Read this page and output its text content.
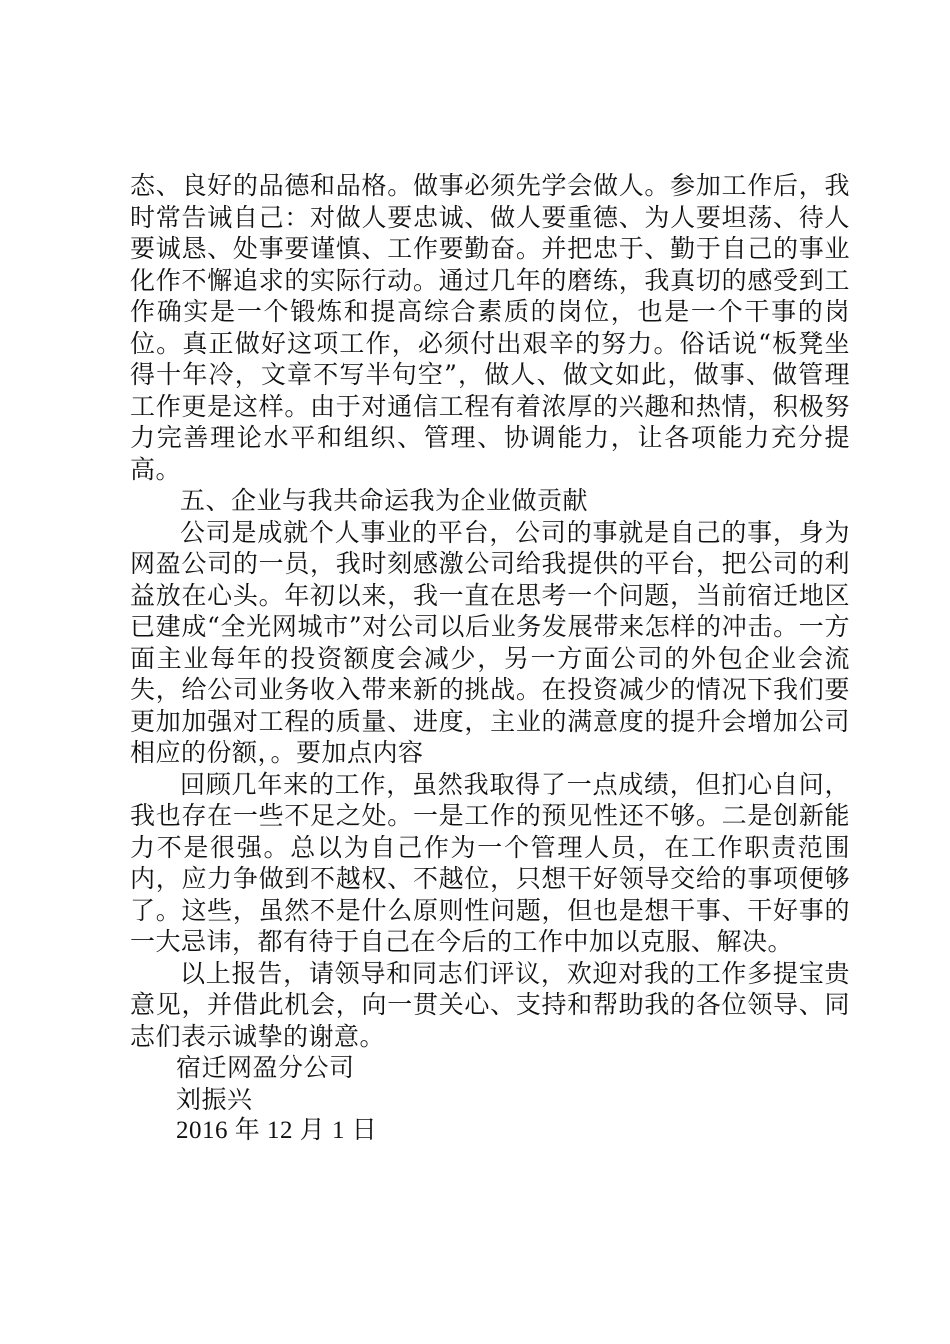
态、良好的品德和品格。做事必须先学会做人。参加工作后，我时常告诫自己：对做人要忠诚、做人要重德、为人要坦荡、待人要诚恳、处事要谨慎、工作要勤奋。并把忠于、勤于自己的事业化作不懈追求的实际行动。通过几年的磨练，我真切的感受到工作确实是一个锻炼和提高综合素质的岗位，也是一个干事的岗位。真正做好这项工作，必须付出艰辛的努力。俗话说“板凳坐得十年冷，文章不写半句空”，做人、做文如此，做事、做管理工作更是这样。由于对通信工程有着浓厚的兴趣和热情，积极努力完善理论水平和组织、管理、协调能力，让各项能力充分提高。

五、企业与我共命运我为企业做贡献

公司是成就个人事业的平台，公司的事就是自己的事，身为网盈公司的一员，我时刻感激公司给我提供的平台，把公司的利益放在心头。年初以来，我一直在思考一个问题，当前宿迁地区已建成“全光网城市”对公司以后业务发展带来怎样的冲击。一方面主业每年的投资额度会减少，另一方面公司的外包企业会流失，给公司业务收入带来新的挑战。在投资减少的情况下我们要更加加强对工程的质量、进度，主业的满意度的提升会增加公司相应的份额，。要加点内容

回顾几年来的工作，虽然我取得了一点成绩，但扪心自问，我也存在一些不足之处。一是工作的预见性还不够。二是创新能力不是很强。总以为自己作为一个管理人员，在工作职责范围内，应力争做到不越权、不越位，只想干好领导交给的事项便够了。这些，虽然不是什么原则性问题，但也是想干事、干好事的一大忌讳，都有待于自己在今后的工作中加以克服、解决。

以上报告，请领导和同志们评议，欢迎对我的工作多提宝贵意见，并借此机会，向一贯关心、支持和帮助我的各位领导、同志们表示诚挚的谢意。

宿迁网盈分公司

刘振兴

2016 年 12 月 1 日
